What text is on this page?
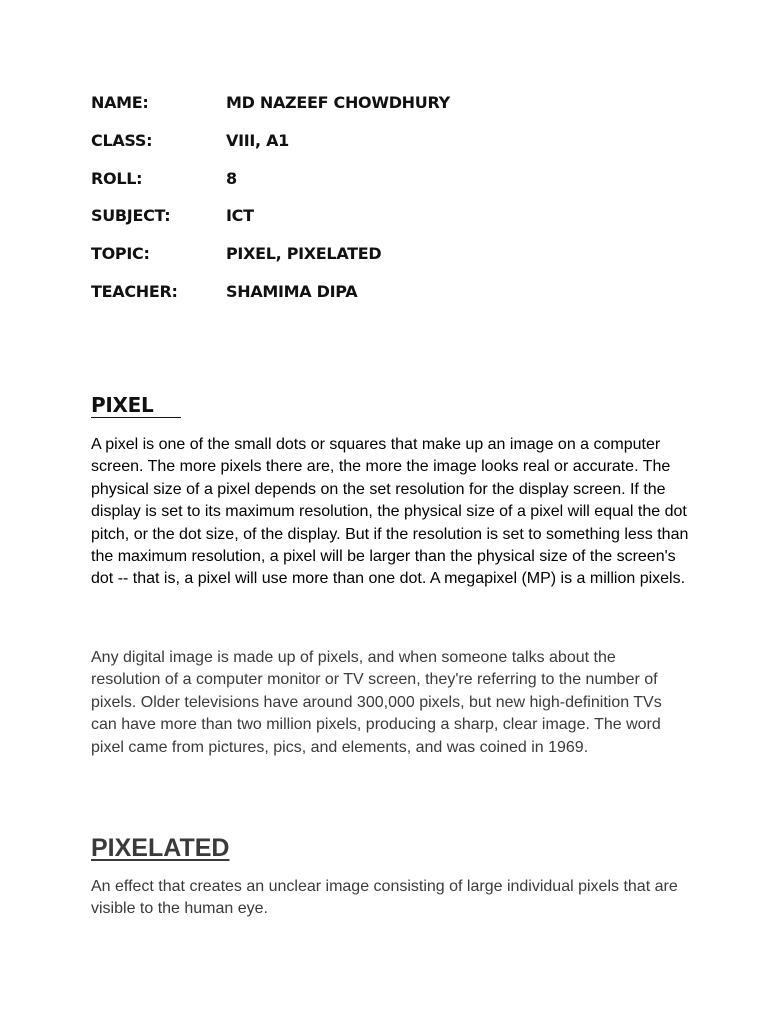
NAME:	MD NAZEEF CHOWDHURY
CLASS:	VIII, A1
ROLL:	8
SUBJECT:	ICT
TOPIC:	PIXEL, PIXELATED
TEACHER:	SHAMIMA DIPA
PIXEL

A pixel is one of the small dots or squares that make up an image on a computer screen. The more pixels there are, the more the image looks real or accurate. The physical size of a pixel depends on the set resolution for the display screen. If the display is set to its maximum resolution, the physical size of a pixel will equal the dot pitch, or the dot size, of the display. But if the resolution is set to something less than the maximum resolution, a pixel will be larger than the physical size of the screen's dot -- that is, a pixel will use more than one dot. A megapixel (MP) is a million pixels.

Any digital image is made up of pixels, and when someone talks about the resolution of a computer monitor or TV screen, they're referring to the number of pixels. Older televisions have around 300,000 pixels, but new high-definition TVs can have more than two million pixels, producing a sharp, clear image. The word pixel came from pictures, pics, and elements, and was coined in 1969.

PIXELATED

An effect that creates an unclear image consisting of large individual pixels that are visible to the human eye.
